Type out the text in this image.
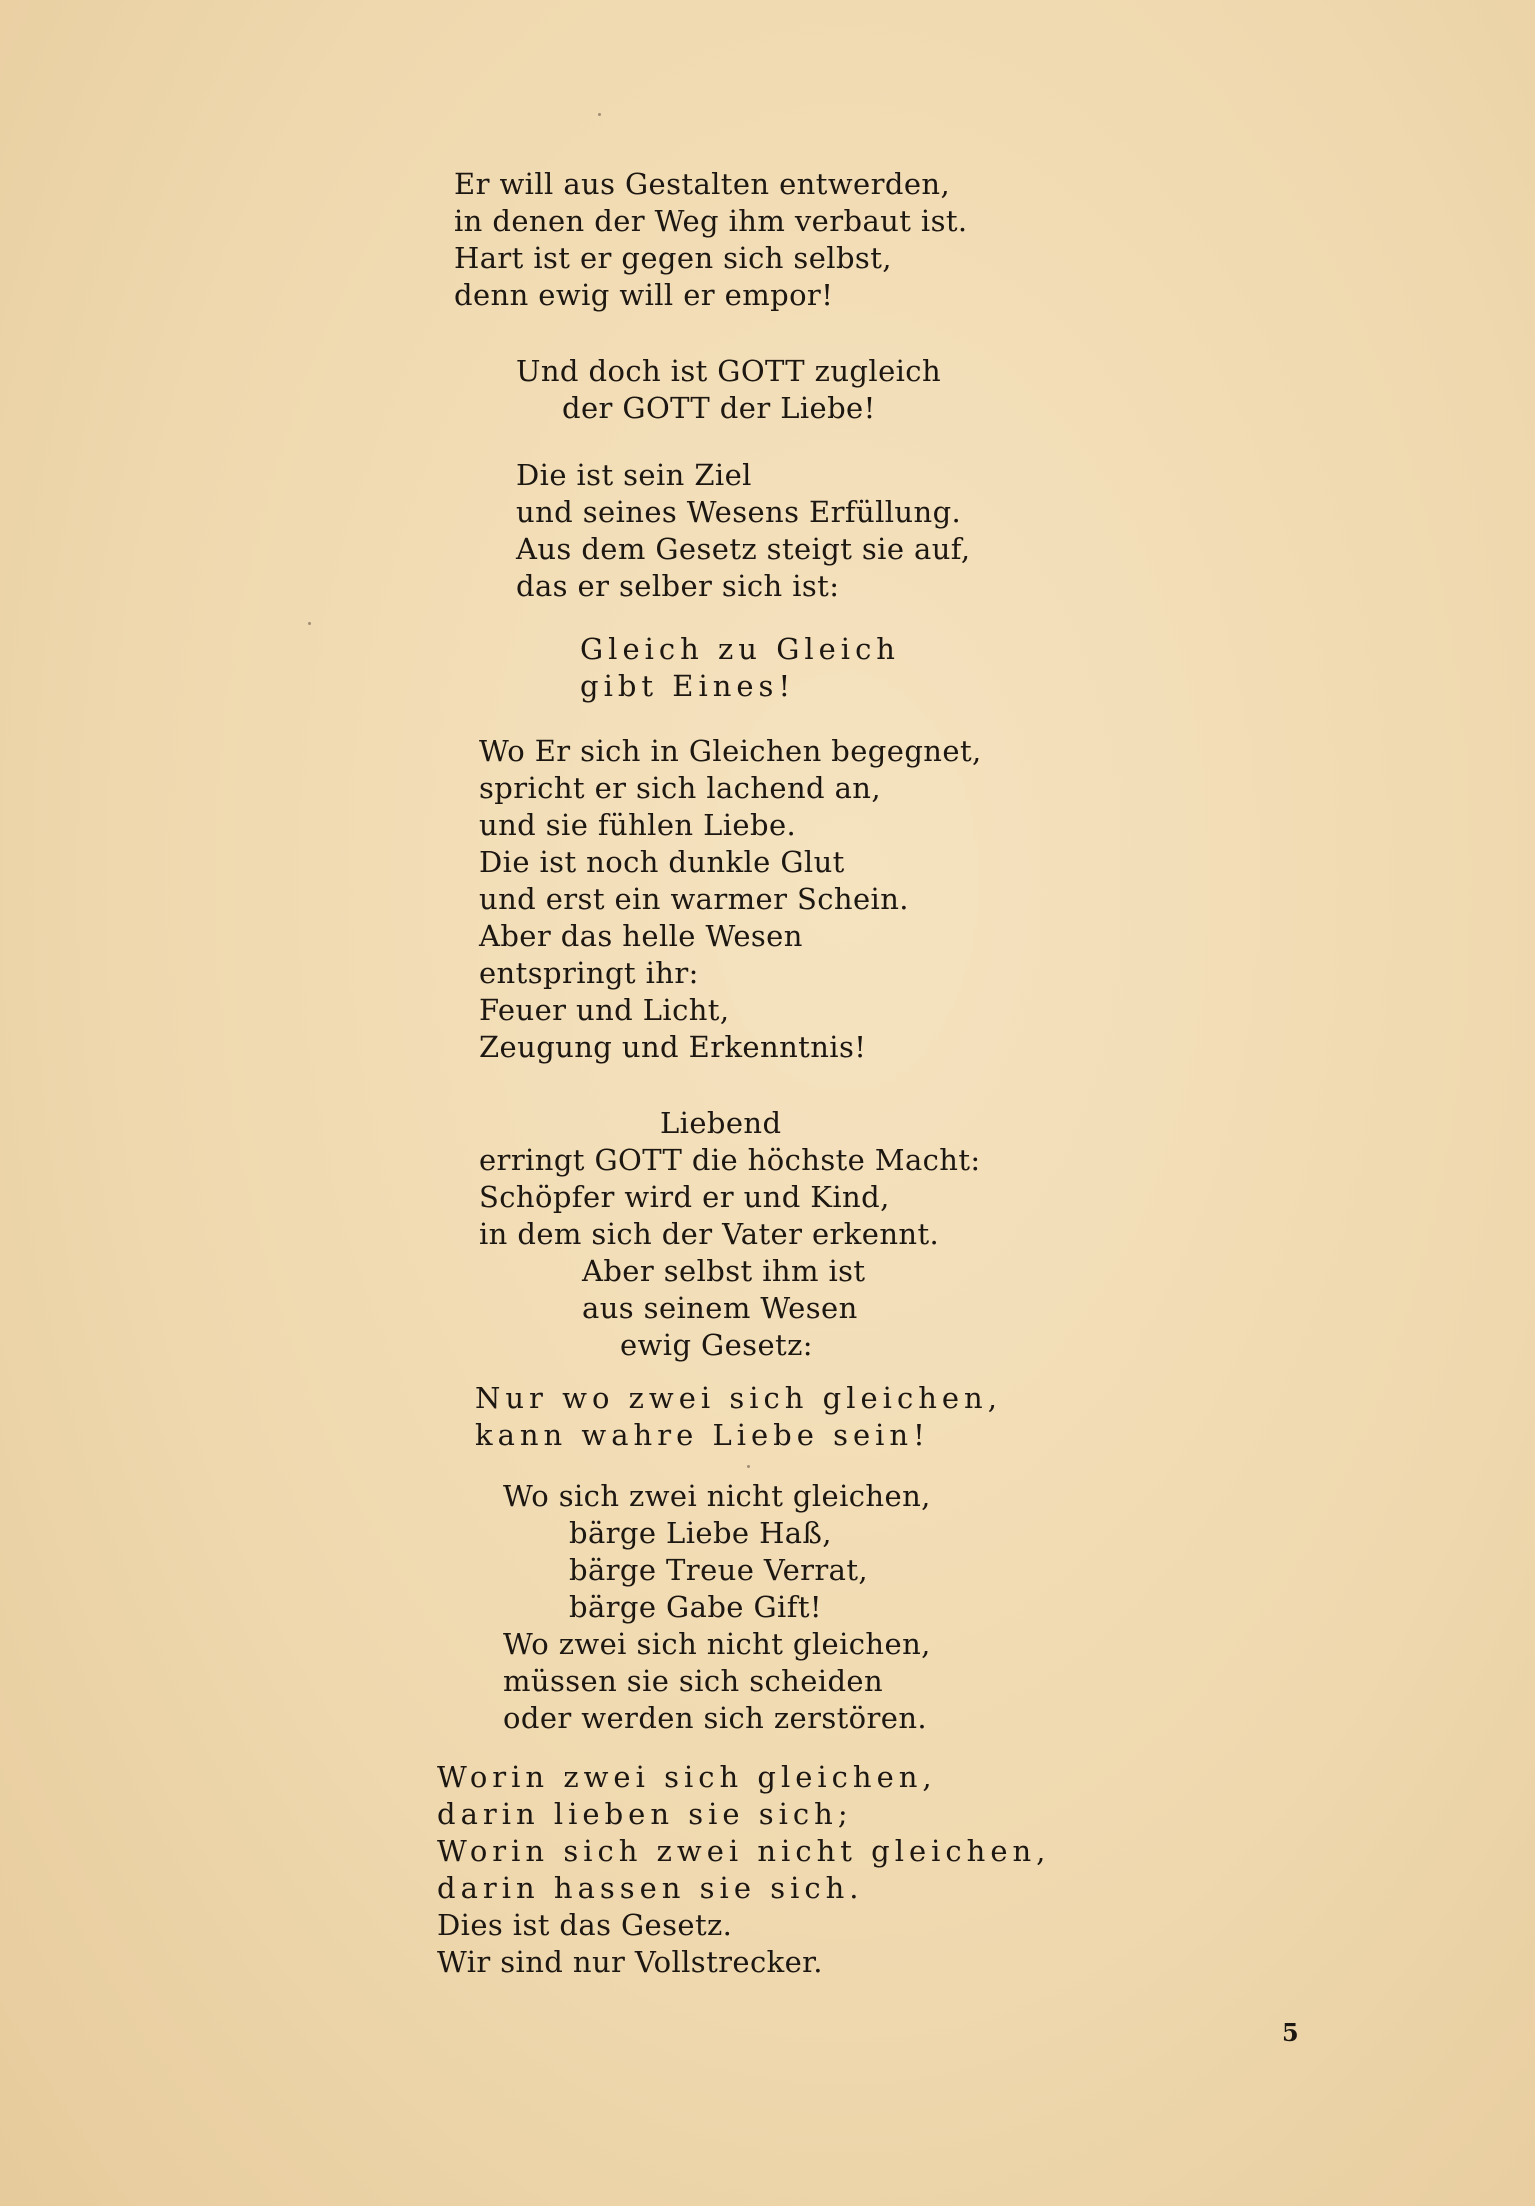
Er will aus Gestalten entwerden,
in denen der Weg ihm verbaut ist.
Hart ist er gegen sich selbst,
denn ewig will er empor!
Und doch ist GOTT zugleich
der GOTT der Liebe!
Die ist sein Ziel
und seines Wesens Erfüllung.
Aus dem Gesetz steigt sie auf,
das er selber sich ist:
Gleich zu Gleich
gibt Eines!
Wo Er sich in Gleichen begegnet,
spricht er sich lachend an,
und sie fühlen Liebe.
Die ist noch dunkle Glut
und erst ein warmer Schein.
Aber das helle Wesen
entspringt ihr:
Feuer und Licht,
Zeugung und Erkenntnis!
Liebend
erringt GOTT die höchste Macht:
Schöpfer wird er und Kind,
in dem sich der Vater erkennt.
Aber selbst ihm ist
aus seinem Wesen
ewig Gesetz:
Nur wo zwei sich gleichen,
kann wahre Liebe sein!
Wo sich zwei nicht gleichen,
bärge Liebe Haß,
bärge Treue Verrat,
bärge Gabe Gift!
Wo zwei sich nicht gleichen,
müssen sie sich scheiden
oder werden sich zerstören.
Worin zwei sich gleichen,
darin lieben sie sich;
Worin sich zwei nicht gleichen,
darin hassen sie sich.
Dies ist das Gesetz.
Wir sind nur Vollstrecker.
5
